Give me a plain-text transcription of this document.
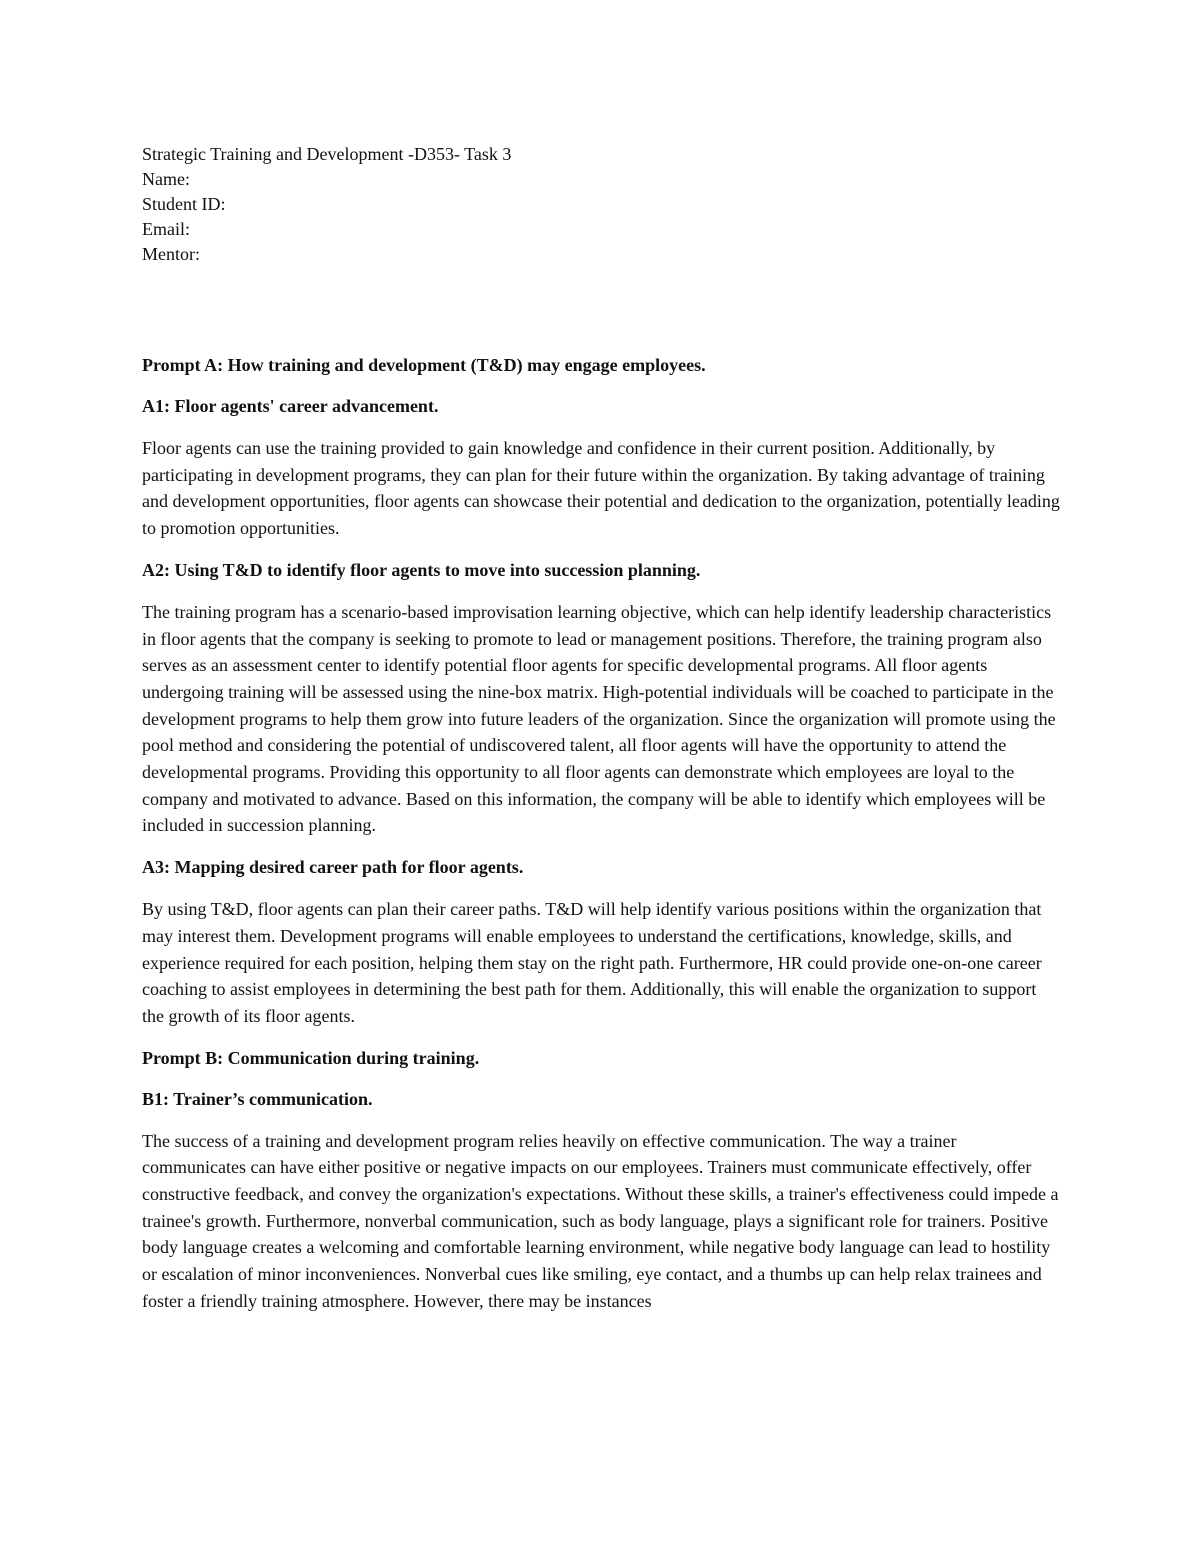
Strategic Training and Development -D353- Task 3

Name:

Student ID:

Email:

Mentor:

Prompt A: How training and development (T&D) may engage employees.

A1: Floor agents' career advancement.

Floor agents can use the training provided to gain knowledge and confidence in their current position. Additionally, by participating in development programs, they can plan for their future within the organization. By taking advantage of training and development opportunities, floor agents can showcase their potential and dedication to the organization, potentially leading to promotion opportunities.

A2: Using T&D to identify floor agents to move into succession planning.

The training program has a scenario-based improvisation learning objective, which can help identify leadership characteristics in floor agents that the company is seeking to promote to lead or management positions. Therefore, the training program also serves as an assessment center to identify potential floor agents for specific developmental programs. All floor agents undergoing training will be assessed using the nine-box matrix. High-potential individuals will be coached to participate in the development programs to help them grow into future leaders of the organization. Since the organization will promote using the pool method and considering the potential of undiscovered talent, all floor agents will have the opportunity to attend the developmental programs. Providing this opportunity to all floor agents can demonstrate which employees are loyal to the company and motivated to advance. Based on this information, the company will be able to identify which employees will be included in succession planning.

A3: Mapping desired career path for floor agents.

By using T&D, floor agents can plan their career paths. T&D will help identify various positions within the organization that may interest them. Development programs will enable employees to understand the certifications, knowledge, skills, and experience required for each position, helping them stay on the right path. Furthermore, HR could provide one-on-one career coaching to assist employees in determining the best path for them. Additionally, this will enable the organization to support the growth of its floor agents.

Prompt B: Communication during training.

B1: Trainer’s communication.

The success of a training and development program relies heavily on effective communication. The way a trainer communicates can have either positive or negative impacts on our employees. Trainers must communicate effectively, offer constructive feedback, and convey the organization's expectations. Without these skills, a trainer's effectiveness could impede a trainee's growth. Furthermore, nonverbal communication, such as body language, plays a significant role for trainers. Positive body language creates a welcoming and comfortable learning environment, while negative body language can lead to hostility or escalation of minor inconveniences. Nonverbal cues like smiling, eye contact, and a thumbs up can help relax trainees and foster a friendly training atmosphere. However, there may be instances
